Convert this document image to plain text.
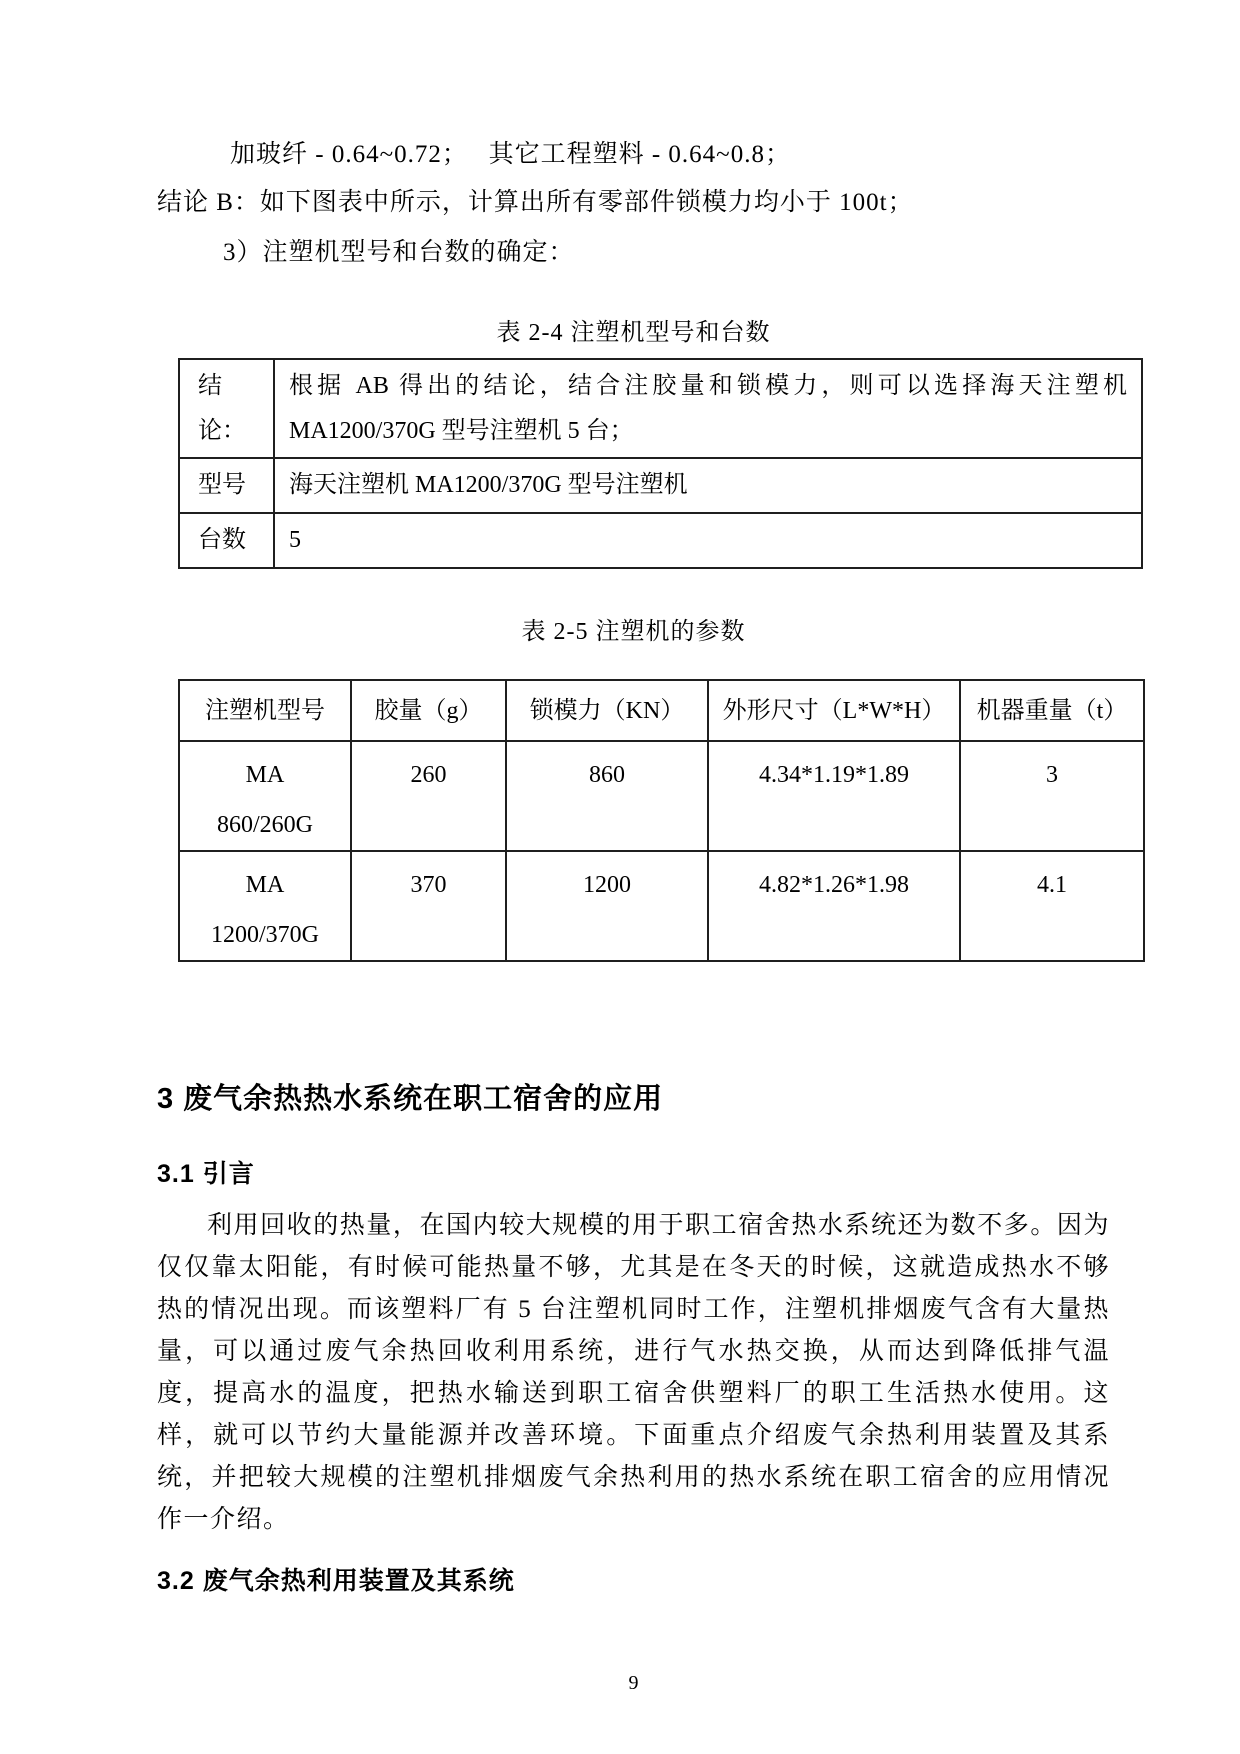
加玻纤 - 0.64~0.72；　 其它工程塑料 - 0.64~0.8；

结论 B：如下图表中所示，计算出所有零部件锁模力均小于 100t；

3）注塑机型号和台数的确定：

表 2-4 注塑机型号和台数

结
论：	根据 AB 得出的结论，结合注胶量和锁模力，则可以选择海天注塑机
MA1200/370G 型号注塑机 5 台；

型号	海天注塑机 MA1200/370G 型号注塑机
台数	5

表 2-5 注塑机的参数

注塑机型号	胶量（g）	锁模力（KN）	外形尺寸（L*W*H）	机器重量（t）

MA
860/260G	260	860	4.34*1.19*1.89	3

MA
1200/370G	370	1200	4.82*1.26*1.98	4.1
3 废气余热热水系统在职工宿舍的应用
3.1 引言

利用回收的热量，在国内较大规模的用于职工宿舍热水系统还为数不多。因为仅仅靠太阳能，有时候可能热量不够，尤其是在冬天的时候，这就造成热水不够热的情况出现。而该塑料厂有 5 台注塑机同时工作，注塑机排烟废气含有大量热量，可以通过废气余热回收利用系统，进行气水热交换，从而达到降低排气温度，提高水的温度，把热水输送到职工宿舍供塑料厂的职工生活热水使用。这样，就可以节约大量能源并改善环境。下面重点介绍废气余热利用装置及其系统，并把较大规模的注塑机排烟废气余热利用的热水系统在职工宿舍的应用情况作一介绍。

3.2 废气余热利用装置及其系统
9
